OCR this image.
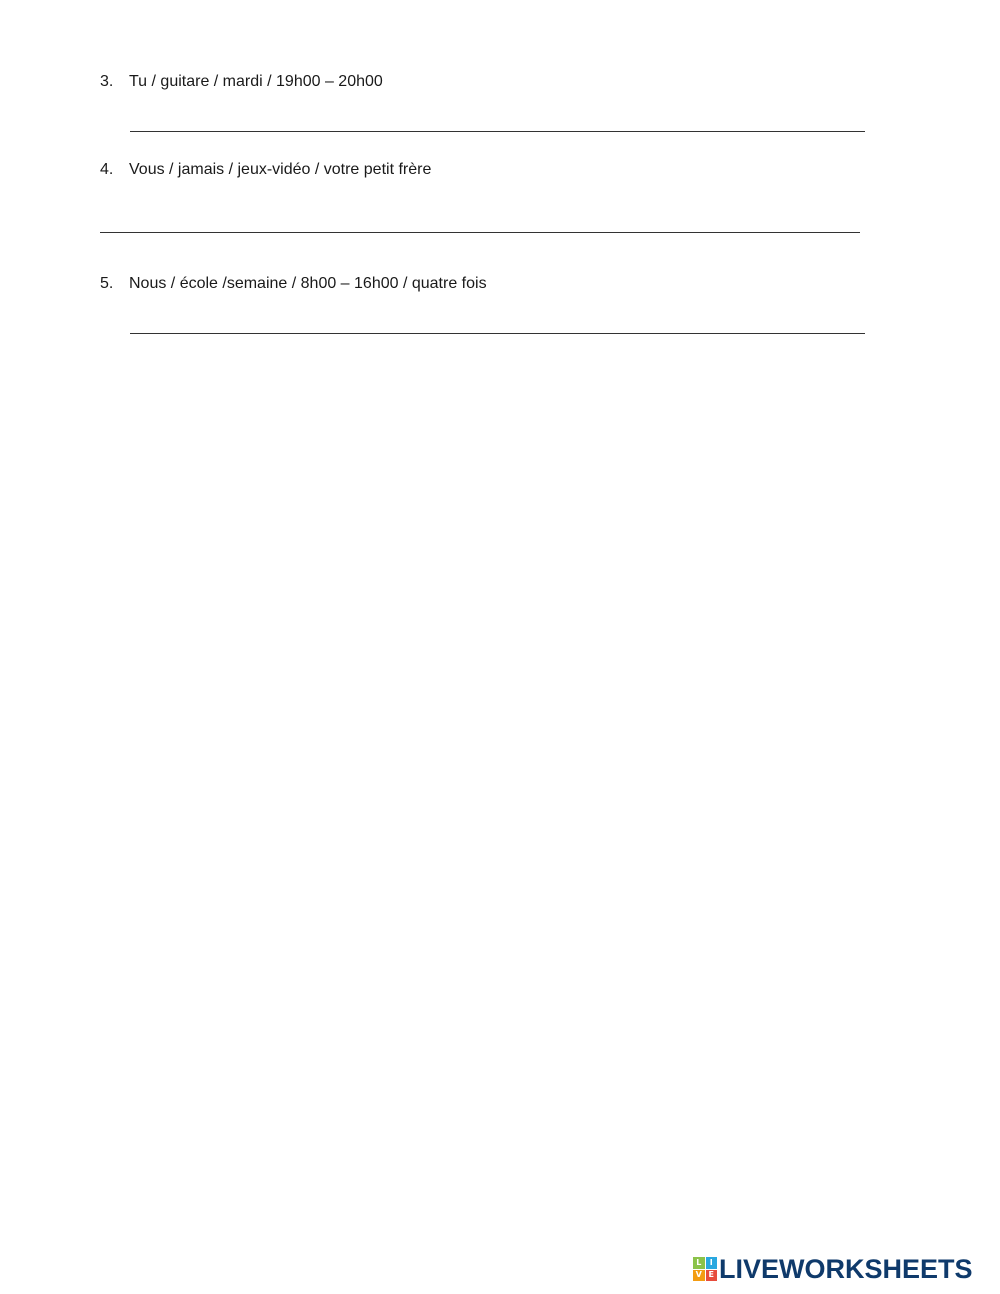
3. Tu / guitare / mardi / 19h00 – 20h00
4. Vous / jamais / jeux-vidéo / votre petit frère
5. Nous / école /semaine / 8h00 – 16h00 / quatre fois
L	I
V E LIVEWORKSHEETS
